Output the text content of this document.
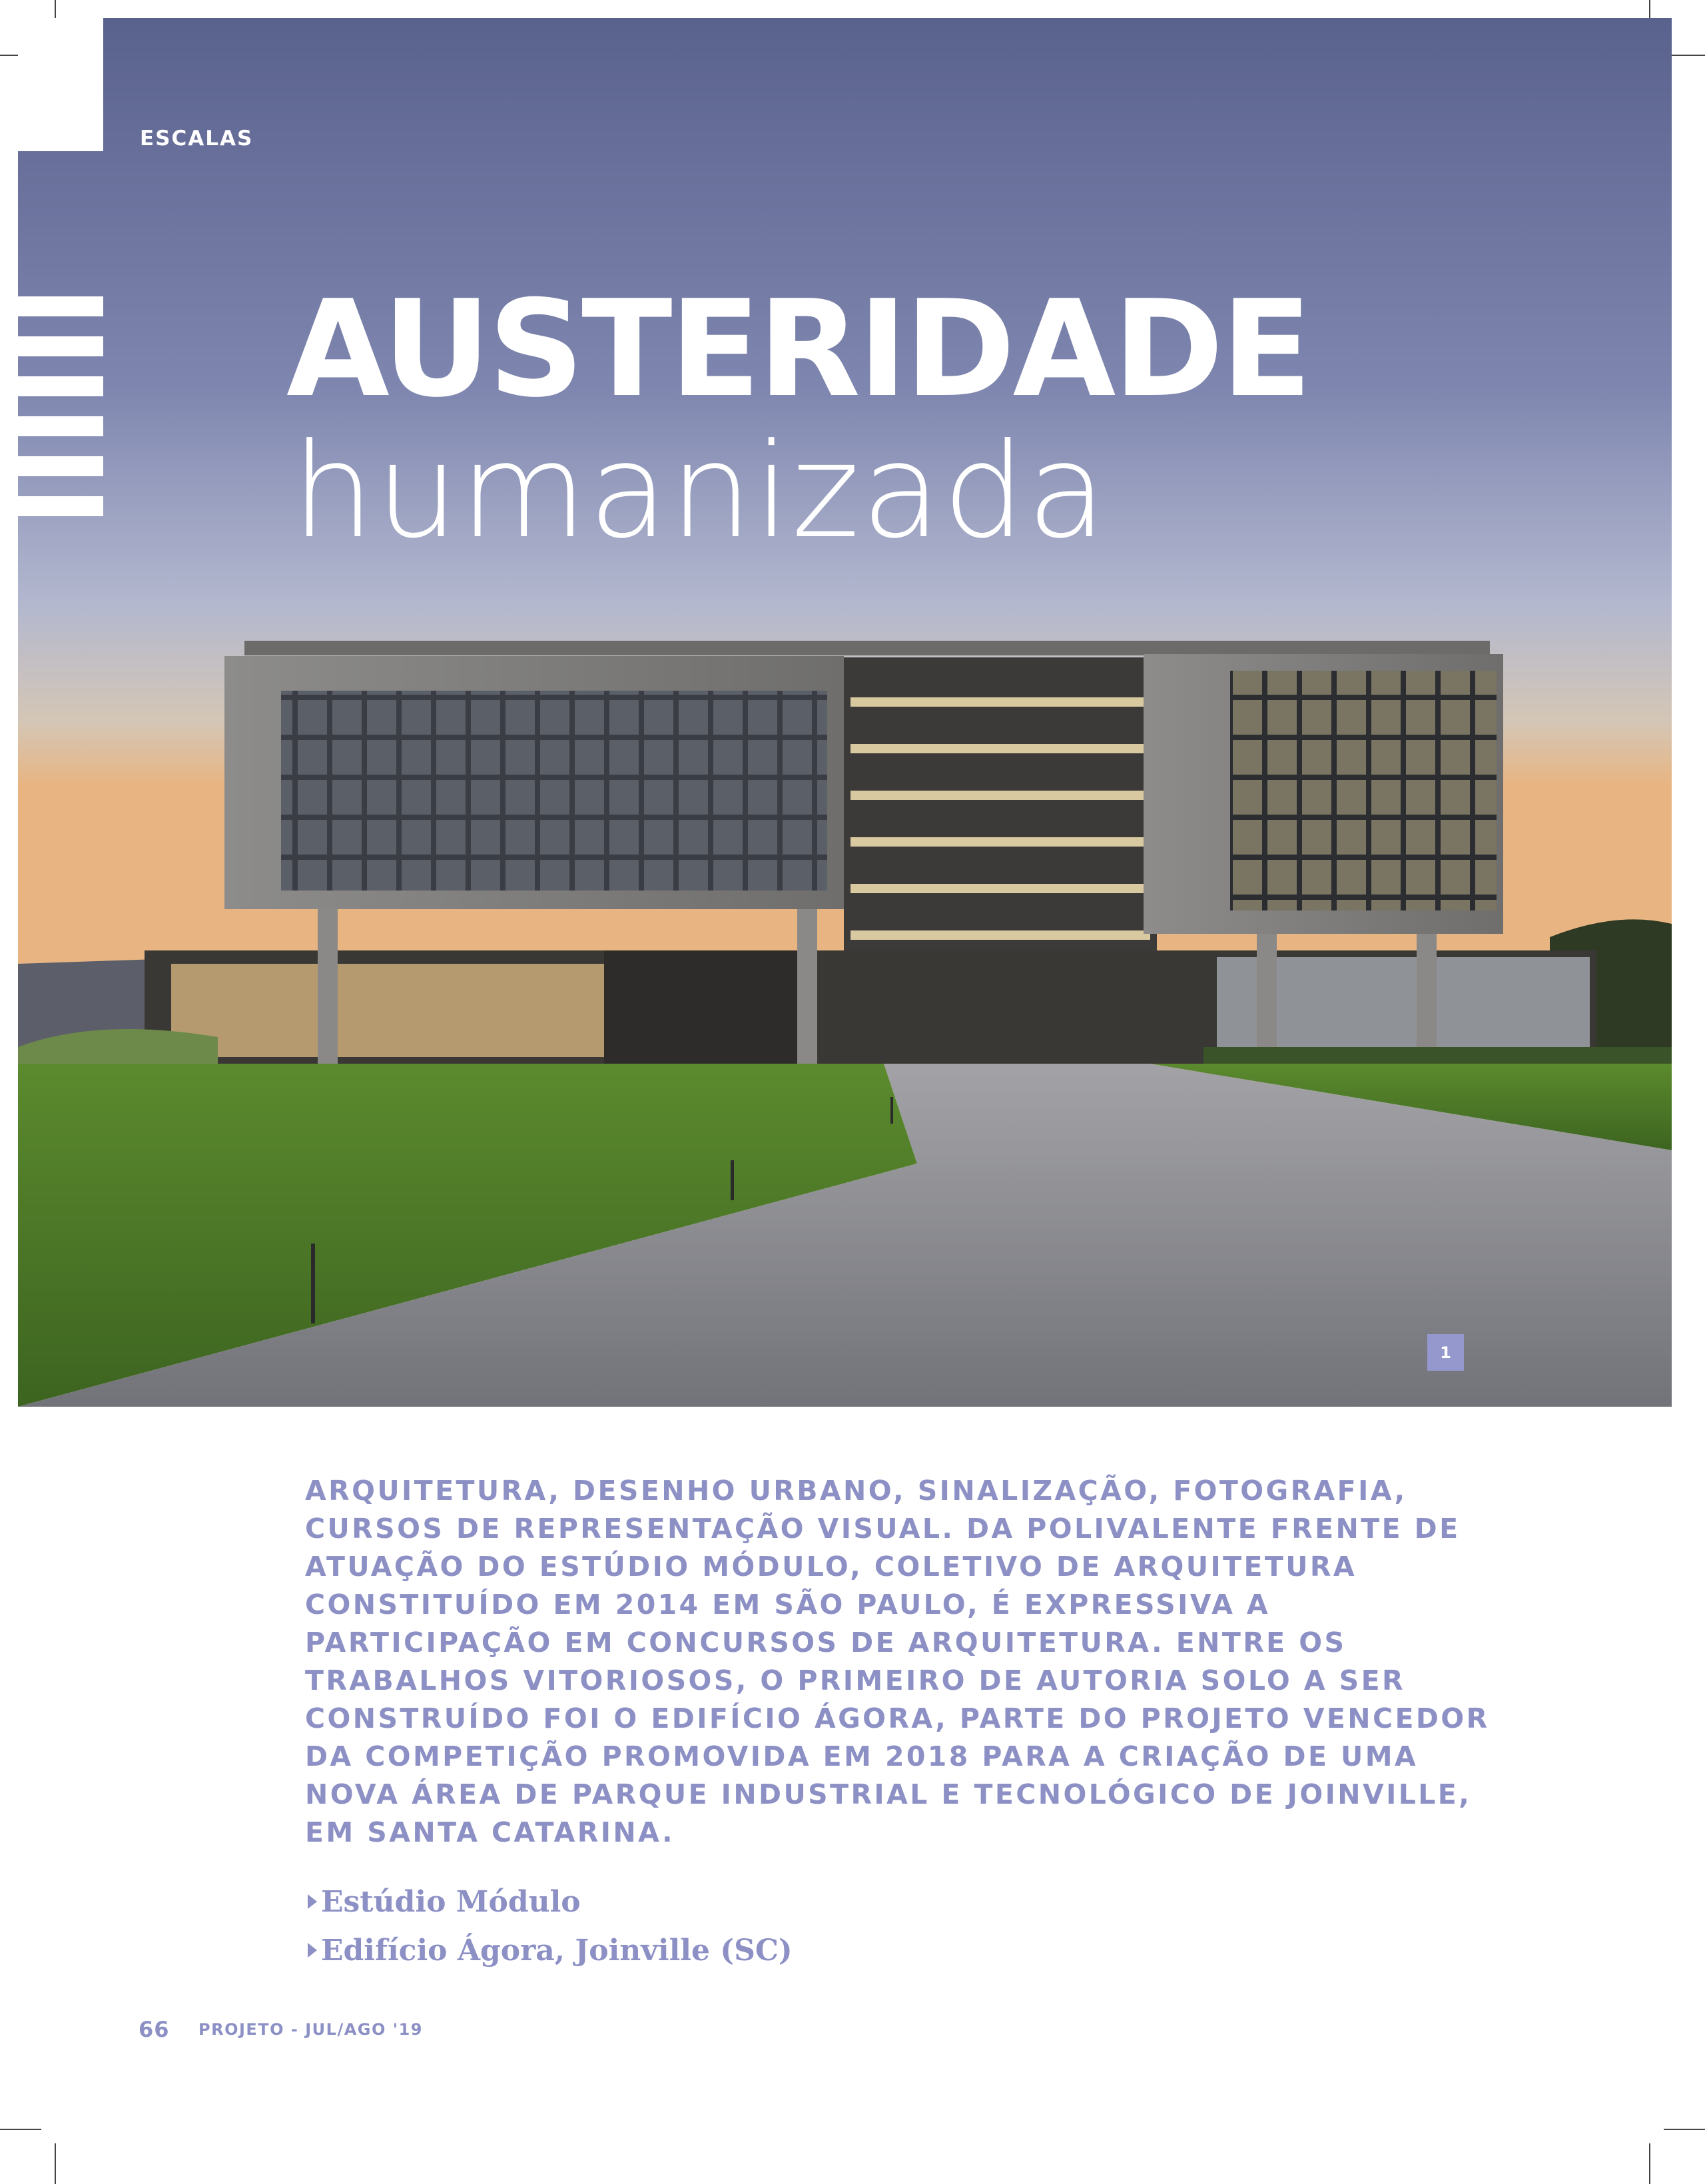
ESCALAS
AUSTERIDADE
humanizada
1
ARQUITETURA, DESENHO URBANO, SINALIZAÇÃO, FOTOGRAFIA, CURSOS DE REPRESENTAÇÃO VISUAL. DA POLIVALENTE FRENTE DE ATUAÇÃO DO ESTÚDIO MÓDULO, COLETIVO DE ARQUITETURA CONSTITUÍDO EM 2014 EM SÃO PAULO, É EXPRESSIVA A PARTICIPAÇÃO EM CONCURSOS DE ARQUITETURA. ENTRE OS TRABALHOS VITORIOSOS, O PRIMEIRO DE AUTORIA SOLO A SER CONSTRUÍDO FOI O EDIFÍCIO ÁGORA, PARTE DO PROJETO VENCEDOR DA COMPETIÇÃO PROMOVIDA EM 2018 PARA A CRIAÇÃO DE UMA NOVA ÁREA DE PARQUE INDUSTRIAL E TECNOLÓGICO DE JOINVILLE, EM SANTA CATARINA.
Estúdio Módulo
Edifício Ágora, Joinville (SC)
66 PROJETO - JUL/AGO '19
